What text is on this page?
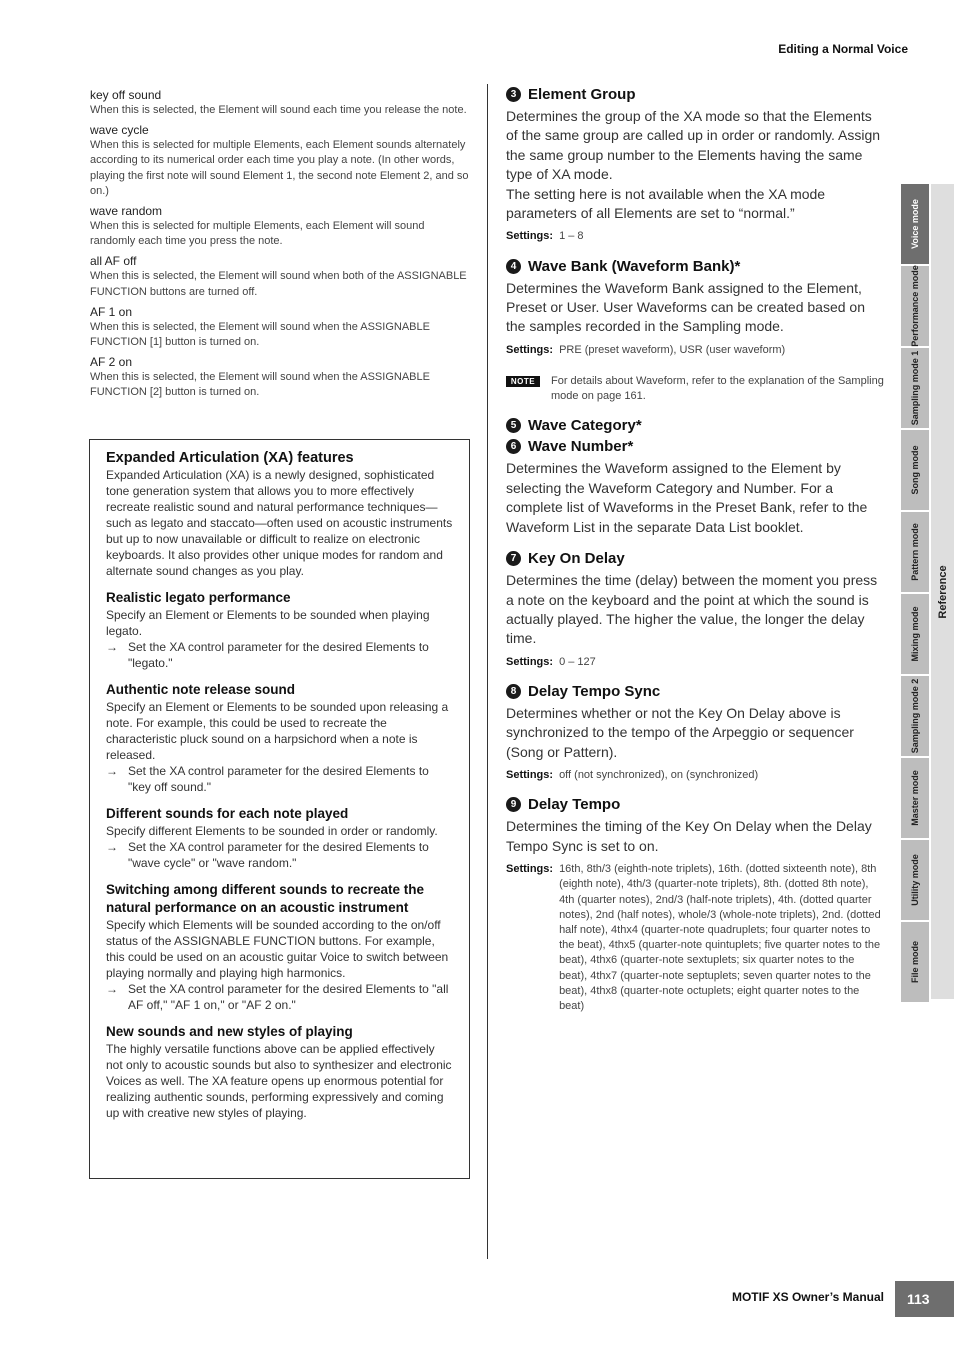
Editing a Normal Voice
key off sound
When this is selected, the Element will sound each time you release the note.
wave cycle
When this is selected for multiple Elements, each Element sounds alternately according to its numerical order each time you play a note. (In other words, playing the first note will sound Element 1, the second note Element 2, and so on.)
wave random
When this is selected for multiple Elements, each Element will sound randomly each time you press the note.
all AF off
When this is selected, the Element will sound when both of the ASSIGNABLE FUNCTION buttons are turned off.
AF 1 on
When this is selected, the Element will sound when the ASSIGNABLE FUNCTION [1] button is turned on.
AF 2 on
When this is selected, the Element will sound when the ASSIGNABLE FUNCTION [2] button is turned on.
Expanded Articulation (XA) features
Expanded Articulation (XA) is a newly designed, sophisticated tone generation system that allows you to more effectively recreate realistic sound and natural performance techniques—such as legato and staccato—often used on acoustic instruments but up to now unavailable or difficult to realize on electronic keyboards. It also provides other unique modes for random and alternate sound changes as you play.
Realistic legato performance
Specify an Element or Elements to be sounded when playing legato.
→ Set the XA control parameter for the desired Elements to "legato."
Authentic note release sound
Specify an Element or Elements to be sounded upon releasing a note. For example, this could be used to recreate the characteristic pluck sound on a harpsichord when a note is released.
→ Set the XA control parameter for the desired Elements to "key off sound."
Different sounds for each note played
Specify different Elements to be sounded in order or randomly.
→ Set the XA control parameter for the desired Elements to "wave cycle" or "wave random."
Switching among different sounds to recreate the natural performance on an acoustic instrument
Specify which Elements will be sounded according to the on/off status of the ASSIGNABLE FUNCTION buttons. For example, this could be used on an acoustic guitar Voice to switch between playing normally and playing high harmonics.
→ Set the XA control parameter for the desired Elements to "all AF off," "AF 1 on," or "AF 2 on."
New sounds and new styles of playing
The highly versatile functions above can be applied effectively not only to acoustic sounds but also to synthesizer and electronic Voices as well. The XA feature opens up enormous potential for realizing authentic sounds, performing expressively and coming up with creative new styles of playing.
3 Element Group
Determines the group of the XA mode so that the Elements of the same group are called up in order or randomly. Assign the same group number to the Elements having the same type of XA mode.
The setting here is not available when the XA mode parameters of all Elements are set to “normal.”
Settings: 1 – 8
4 Wave Bank (Waveform Bank)*
Determines the Waveform Bank assigned to the Element, Preset or User. User Waveforms can be created based on the samples recorded in the Sampling mode.
Settings: PRE (preset waveform), USR (user waveform)
NOTE	For details about Waveform, refer to the explanation of the Sampling mode on page 161.
5 Wave Category*
6 Wave Number*
Determines the Waveform assigned to the Element by selecting the Waveform Category and Number. For a complete list of Waveforms in the Preset Bank, refer to the Waveform List in the separate Data List booklet.
7 Key On Delay
Determines the time (delay) between the moment you press a note on the keyboard and the point at which the sound is actually played. The higher the value, the longer the delay time.
Settings: 0 – 127
8 Delay Tempo Sync
Determines whether or not the Key On Delay above is synchronized to the tempo of the Arpeggio or sequencer (Song or Pattern).
Settings: off (not synchronized), on (synchronized)
9 Delay Tempo
Determines the timing of the Key On Delay when the Delay Tempo Sync is set to on.
Settings: 16th, 8th/3 (eighth-note triplets), 16th. (dotted sixteenth note), 8th (eighth note), 4th/3 (quarter-note triplets), 8th. (dotted 8th note), 4th (quarter notes), 2nd/3 (half-note triplets), 4th. (dotted quarter notes), 2nd (half notes), whole/3 (whole-note triplets), 2nd. (dotted half note), 4thx4 (quarter-note quadruplets; four quarter notes to the beat), 4thx5 (quarter-note quintuplets; five quarter notes to the beat), 4thx6 (quarter-note sextuplets; six quarter notes to the beat), 4thx7 (quarter-note septuplets; seven quarter notes to the beat), 4thx8 (quarter-note octuplets; eight quarter notes to the beat)
Reference
Voice mode
Performance mode
Sampling mode 1
Song mode
Pattern mode
Mixing mode
Sampling mode 2
Master mode
Utility mode
File mode
MOTIF XS Owner’s Manual	113
